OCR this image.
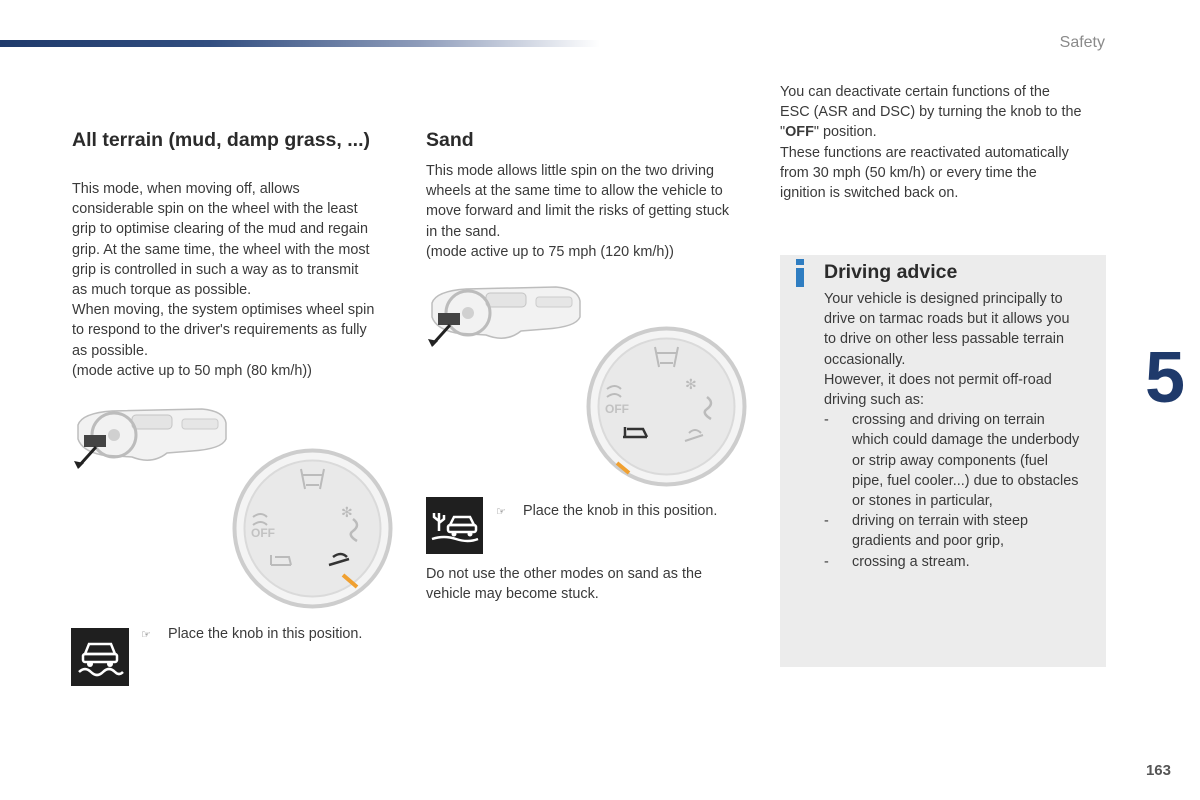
Safety
All terrain (mud, damp grass, ...)
This mode, when moving off, allows
considerable spin on the wheel with the least
grip to optimise clearing of the mud and regain
grip. At the same time, the wheel with the most
grip is controlled in such a way as to transmit
as much torque as possible.
When moving, the system optimises wheel spin
to respond to the driver's requirements as fully
as possible.
(mode active up to 50 mph (80 km/h))
✻
OFF
☞ Place the knob in this position.
Sand
This mode allows little spin on the two driving
wheels at the same time to allow the vehicle to
move forward and limit the risks of getting stuck
in the sand.
(mode active up to 75 mph (120 km/h))
✻
OFF
☞ Place the knob in this position.
Do not use the other modes on sand as the
vehicle may become stuck.
You can deactivate certain functions of the
ESC (ASR and DSC) by turning the knob to the
"OFF" position.
These functions are reactivated automatically
from 30 mph (50 km/h) or every time the
ignition is switched back on.
Driving advice
Your vehicle is designed principally to
drive on tarmac roads but it allows you
to drive on other less passable terrain
occasionally.
However, it does not permit off-road
driving such as:
- crossing and driving on terrain
which could damage the underbody
or strip away components (fuel
pipe, fuel cooler...) due to obstacles
or stones in particular,
- driving on terrain with steep
gradients and poor grip,
- crossing a stream.
5
163
